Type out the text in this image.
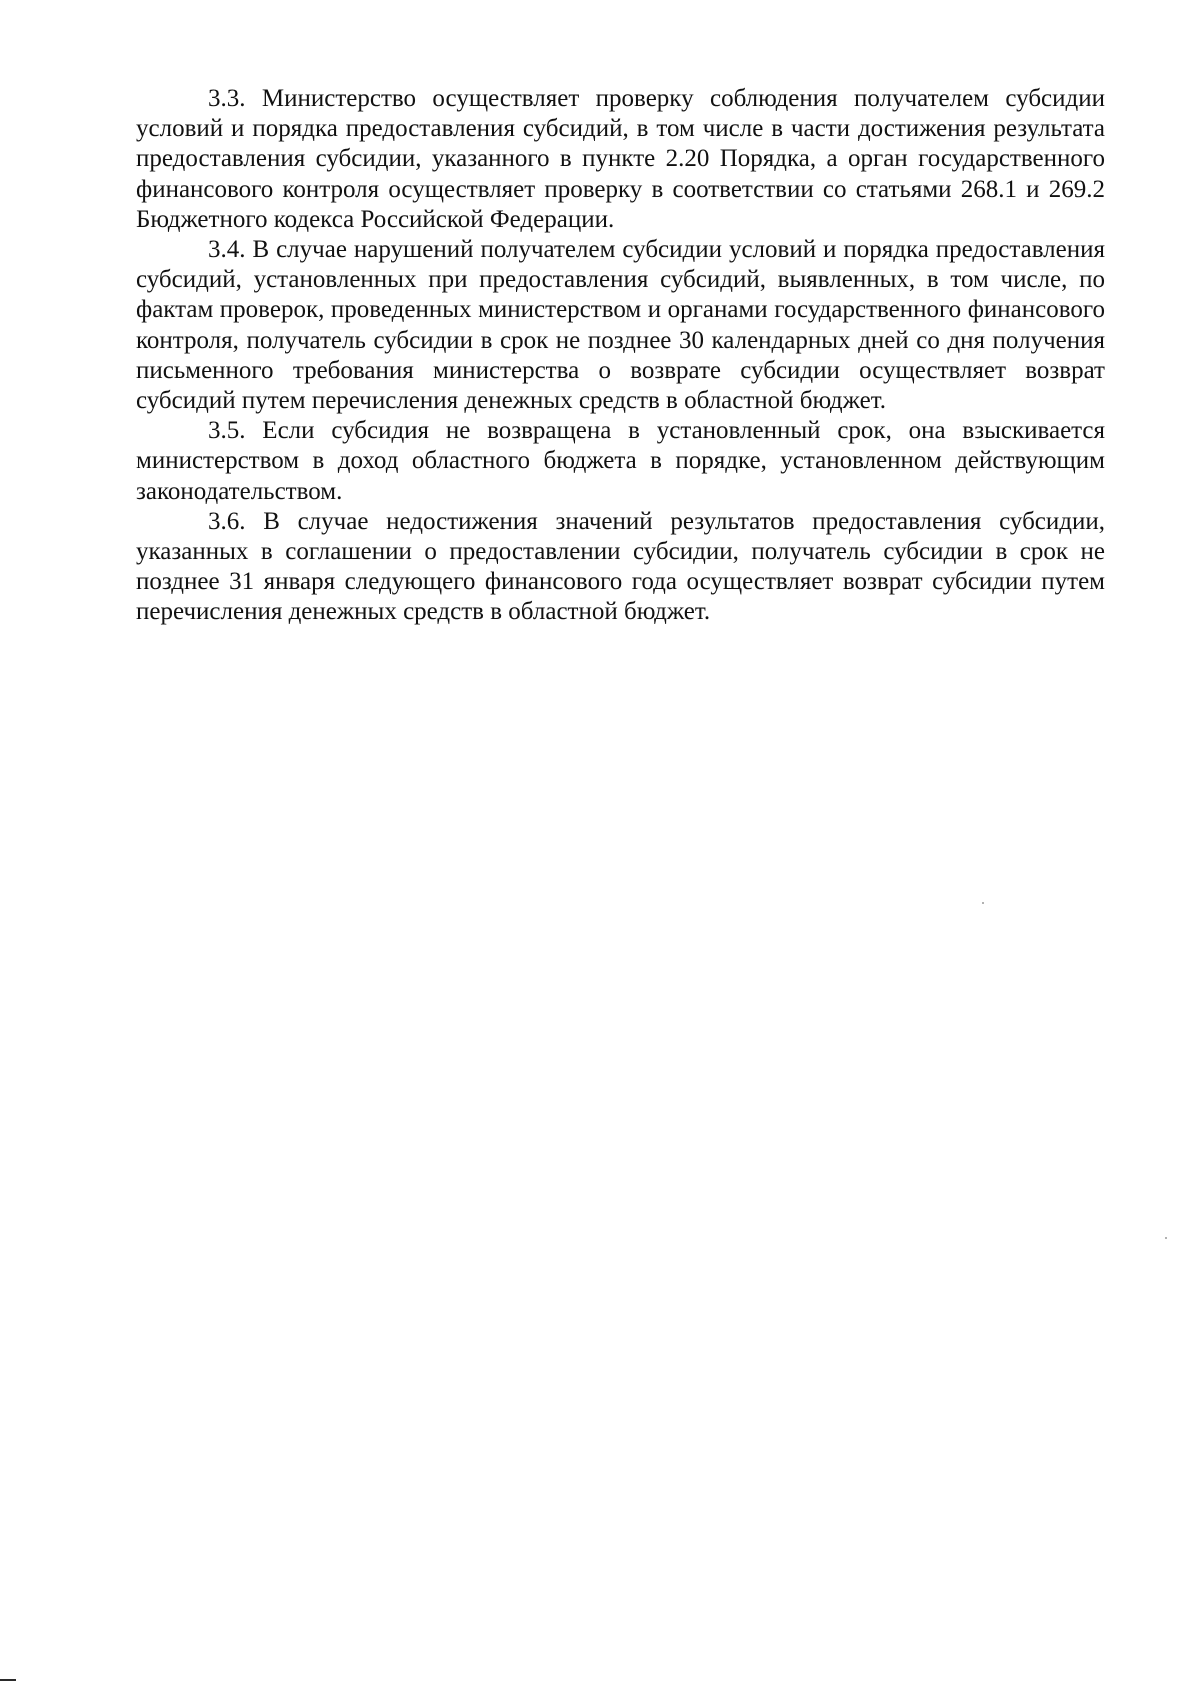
3.3. Министерство осуществляет проверку соблюдения получателем субсидии условий и порядка предоставления субсидий, в том числе в части достижения результата предоставления субсидии, указанного в пункте 2.20 Порядка, а орган государственного финансового контроля осуществляет проверку в соответствии со статьями 268.1 и 269.2 Бюджетного кодекса Российской Федерации.

3.4. В случае нарушений получателем субсидии условий и порядка предоставления субсидий, установленных при предоставления субсидий, выявленных, в том числе, по фактам проверок, проведенных министерством и органами государственного финансового контроля, получатель субсидии в срок не позднее 30 календарных дней со дня получения письменного требования министерства о возврате субсидии осуществляет возврат субсидий путем перечисления денежных средств в областной бюджет.

3.5. Если субсидия не возвращена в установленный срок, она взыскивается министерством в доход областного бюджета в порядке, установленном действующим законодательством.

3.6. В случае недостижения значений результатов предоставления субсидии, указанных в соглашении о предоставлении субсидии, получатель субсидии в срок не позднее 31 января следующего финансового года осуществляет возврат субсидии путем перечисления денежных средств в областной бюджет.
